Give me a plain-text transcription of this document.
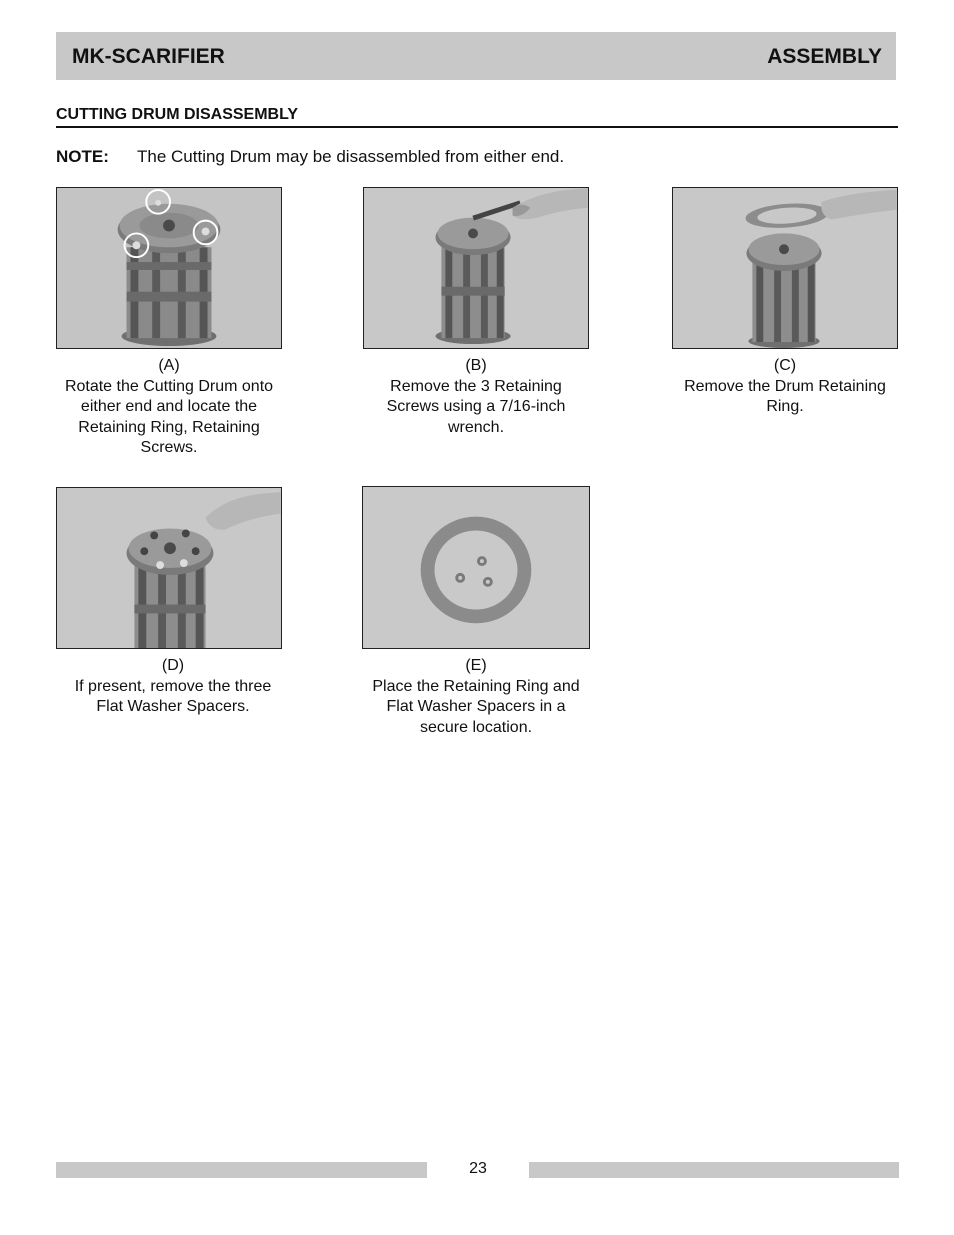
MK-SCARIFIER	ASSEMBLY
CUTTING DRUM DISASSEMBLY
NOTE: The Cutting Drum may be disassembled from either end.
(A)
Rotate the Cutting Drum onto
either end and locate the
Retaining Ring, Retaining
Screws.
(B)
Remove the 3 Retaining
Screws using a 7/16-inch
wrench.
(C)
Remove the Drum Retaining
Ring.
(D)
If present, remove the three
Flat Washer Spacers.
(E)
Place the Retaining Ring and
Flat Washer Spacers in a
secure location.
23
